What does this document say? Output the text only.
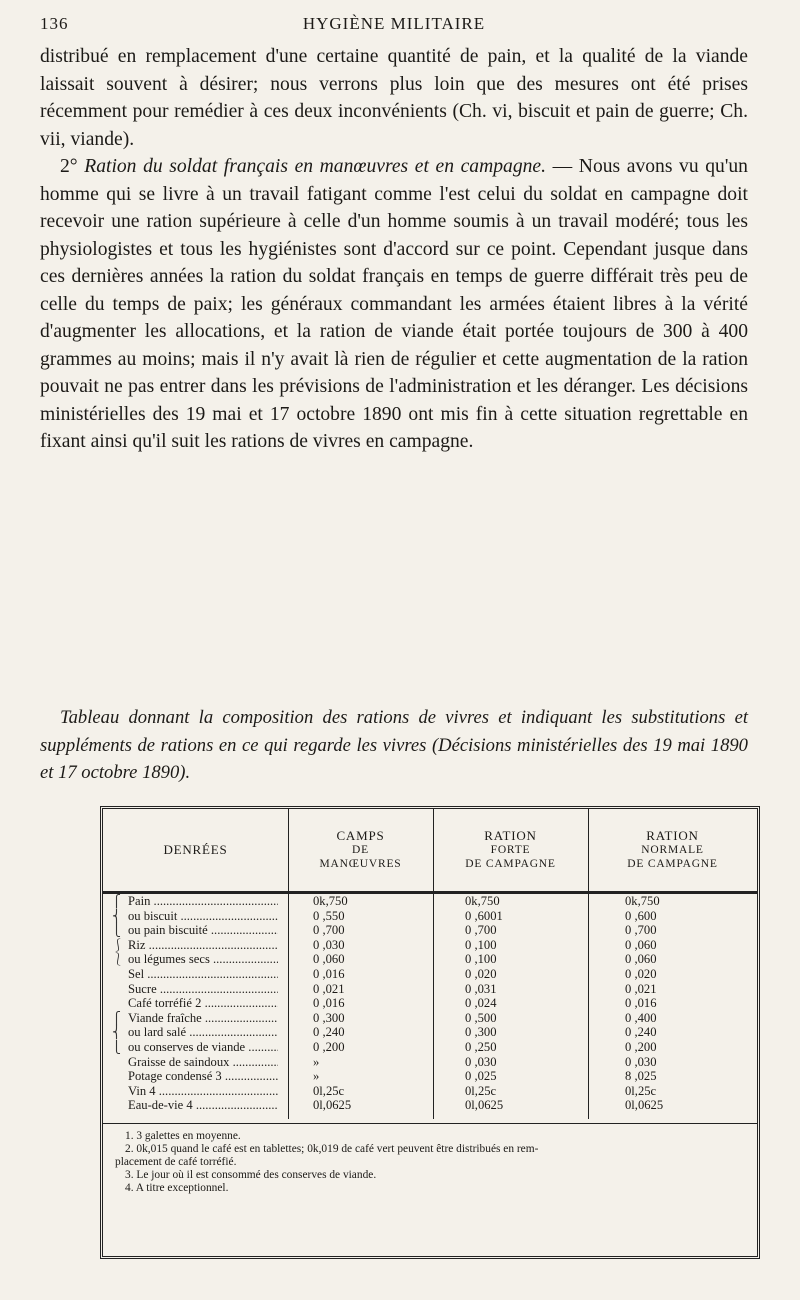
136	HYGIÈNE MILITAIRE

distribué en remplacement d'une certaine quantité de pain, et la qualité de la viande laissait souvent à désirer; nous verrons plus loin que des mesures ont été prises récemment pour remédier à ces deux inconvénients (Ch. vi, biscuit et pain de guerre; Ch. vii, viande).

2° Ration du soldat français en manœuvres et en campagne. — Nous avons vu qu'un homme qui se livre à un travail fatigant comme l'est celui du soldat en campagne doit recevoir une ration supérieure à celle d'un homme soumis à un travail modéré; tous les physiologistes et tous les hygiénistes sont d'accord sur ce point. Cependant jusque dans ces dernières années la ration du soldat français en temps de guerre différait très peu de celle du temps de paix; les généraux commandant les armées étaient libres à la vérité d'augmenter les allocations, et la ration de viande était portée toujours de 300 à 400 grammes au moins; mais il n'y avait là rien de régulier et cette augmentation de la ration pouvait ne pas entrer dans les prévisions de l'administration et les déranger. Les décisions ministérielles des 19 mai et 17 octobre 1890 ont mis fin à cette situation regrettable en fixant ainsi qu'il suit les rations de vivres en campagne.

Tableau donnant la composition des rations de vivres et indiquant les substitutions et suppléments de rations en ce qui regarde les vivres (Décisions ministérielles des 19 mai 1890 et 17 octobre 1890).
DENRÉES
CAMPS
DE
MANŒUVRES
RATION
FORTE
DE CAMPAGNE
RATION
NORMALE
DE CAMPAGNE
Pain .....	0k,750	0k,750	0k,750
ou biscuit .....	0 ,550	0 ,6001	0 ,600
ou pain biscuité .....	0 ,700	0 ,700	0 ,700
Riz .....	0 ,030	0 ,100	0 ,060
ou légumes secs .....	0 ,060	0 ,100	0 ,060
Sel .....	0 ,016	0 ,020	0 ,020
Sucre .....	0 ,021	0 ,031	0 ,021
Café torréfié 2 .....	0 ,016	0 ,024	0 ,016
Viande fraîche .....	0 ,300	0 ,500	0 ,400
ou lard salé .....	0 ,240	0 ,300	0 ,240
ou conserves de viande .....	0 ,200	0 ,250	0 ,200
Graisse de saindoux .....	»	0 ,030	0 ,030
Potage condensé 3 .....	»	0 ,025	8 ,025
Vin 4 .....	0l,25c	0l,25c	0l,25c
Eau-de-vie 4 .....	0l,0625	0l,0625	0l,0625
⎧
⎨
⎩
⎰
⎱
⎧
⎨
⎩

1. 3 galettes en moyenne.

2. 0k,015 quand le café est en tablettes; 0k,019 de café vert peuvent être distribués en rem-

placement de café torréfié.

3. Le jour où il est consommé des conserves de viande.

4. A titre exceptionnel.
